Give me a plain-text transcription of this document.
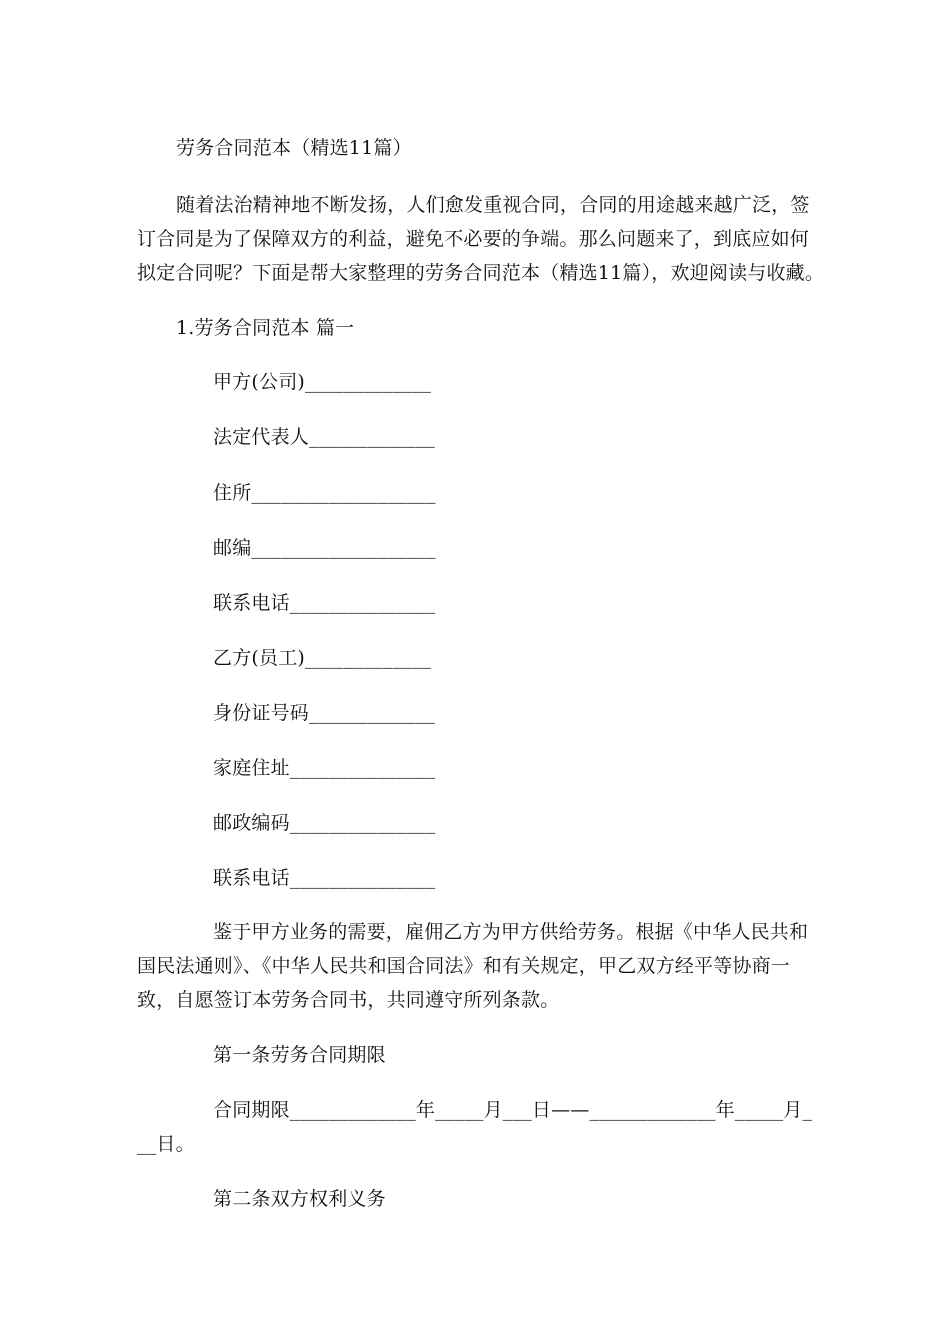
劳务合同范本（精选11篇）
随着法治精神地不断发扬，人们愈发重视合同，合同的用途越来越广泛，签
订合同是为了保障双方的利益，避免不必要的争端。那么问题来了，到底应如何
拟定合同呢？下面是帮大家整理的劳务合同范本（精选11篇），欢迎阅读与收藏。
1.劳务合同范本 篇一
甲方(公司)_____________
法定代表人_____________
住所___________________
邮编___________________
联系电话_______________
乙方(员工)_____________
身份证号码_____________
家庭住址_______________
邮政编码_______________
联系电话_______________
鉴于甲方业务的需要，雇佣乙方为甲方供给劳务。根据《中华人民共和
国民法通则》、《中华人民共和国合同法》和有关规定，甲乙双方经平等协商一
致，自愿签订本劳务合同书，共同遵守所列条款。
第一条劳务合同期限
合同期限_____________年_____月___日——_____________年_____月_
__日。
第二条双方权利义务
